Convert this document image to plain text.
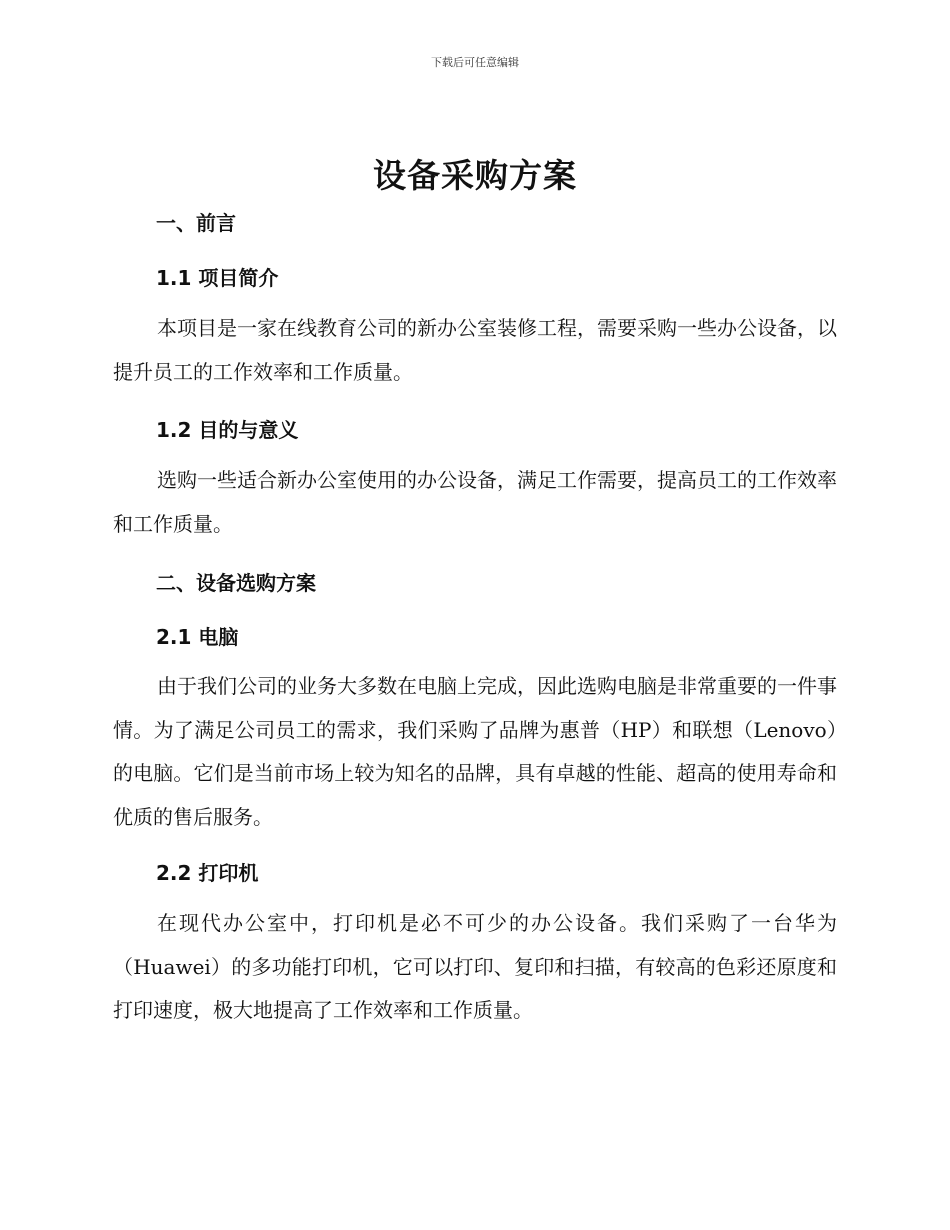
下载后可任意编辑
设备采购方案
一、前言
1.1 项目简介
本项目是一家在线教育公司的新办公室装修工程，需要采购一些办公设备，以提升员工的工作效率和工作质量。
1.2 目的与意义
选购一些适合新办公室使用的办公设备，满足工作需要，提高员工的工作效率和工作质量。
二、设备选购方案
2.1 电脑
由于我们公司的业务大多数在电脑上完成，因此选购电脑是非常重要的一件事情。为了满足公司员工的需求，我们采购了品牌为惠普（HP）和联想（Lenovo）的电脑。它们是当前市场上较为知名的品牌，具有卓越的性能、超高的使用寿命和优质的售后服务。
2.2 打印机
在现代办公室中，打印机是必不可少的办公设备。我们采购了一台华为（Huawei）的多功能打印机，它可以打印、复印和扫描，有较高的色彩还原度和打印速度，极大地提高了工作效率和工作质量。
